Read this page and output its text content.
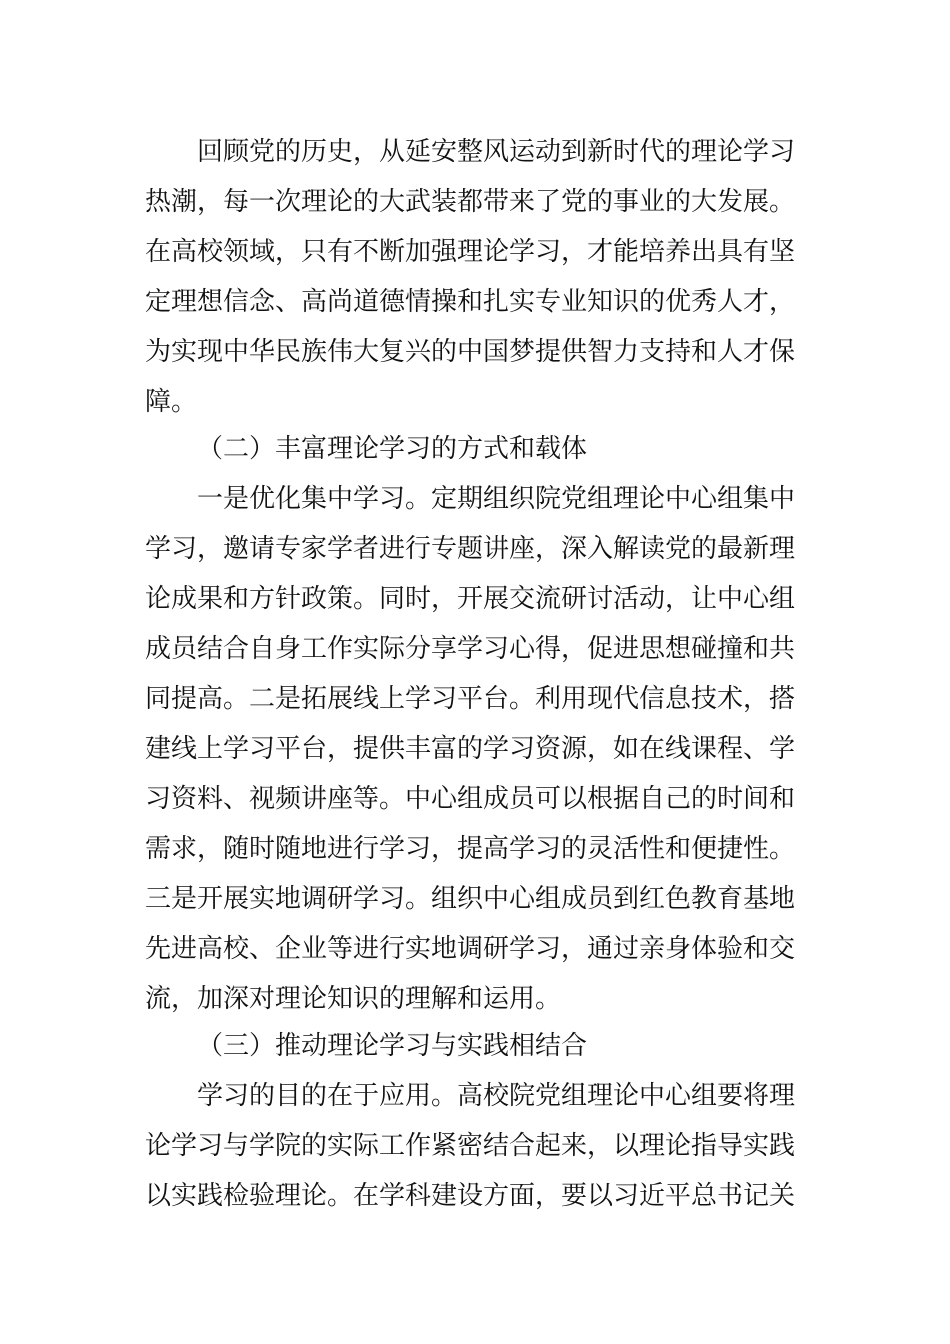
回顾党的历史，从延安整风运动到新时代的理论学习
热潮，每一次理论的大武装都带来了党的事业的大发展。
在高校领域，只有不断加强理论学习，才能培养出具有坚
定理想信念、高尚道德情操和扎实专业知识的优秀人才，
为实现中华民族伟大复兴的中国梦提供智力支持和人才保
障。
（二）丰富理论学习的方式和载体
一是优化集中学习。定期组织院党组理论中心组集中
学习，邀请专家学者进行专题讲座，深入解读党的最新理
论成果和方针政策。同时，开展交流研讨活动，让中心组
成员结合自身工作实际分享学习心得，促进思想碰撞和共
同提高。二是拓展线上学习平台。利用现代信息技术，搭
建线上学习平台，提供丰富的学习资源，如在线课程、学
习资料、视频讲座等。中心组成员可以根据自己的时间和
需求，随时随地进行学习，提高学习的灵活性和便捷性。
三是开展实地调研学习。组织中心组成员到红色教育基地
先进高校、企业等进行实地调研学习，通过亲身体验和交
流，加深对理论知识的理解和运用。
（三）推动理论学习与实践相结合
学习的目的在于应用。高校院党组理论中心组要将理
论学习与学院的实际工作紧密结合起来，以理论指导实践
以实践检验理论。在学科建设方面，要以习近平总书记关
